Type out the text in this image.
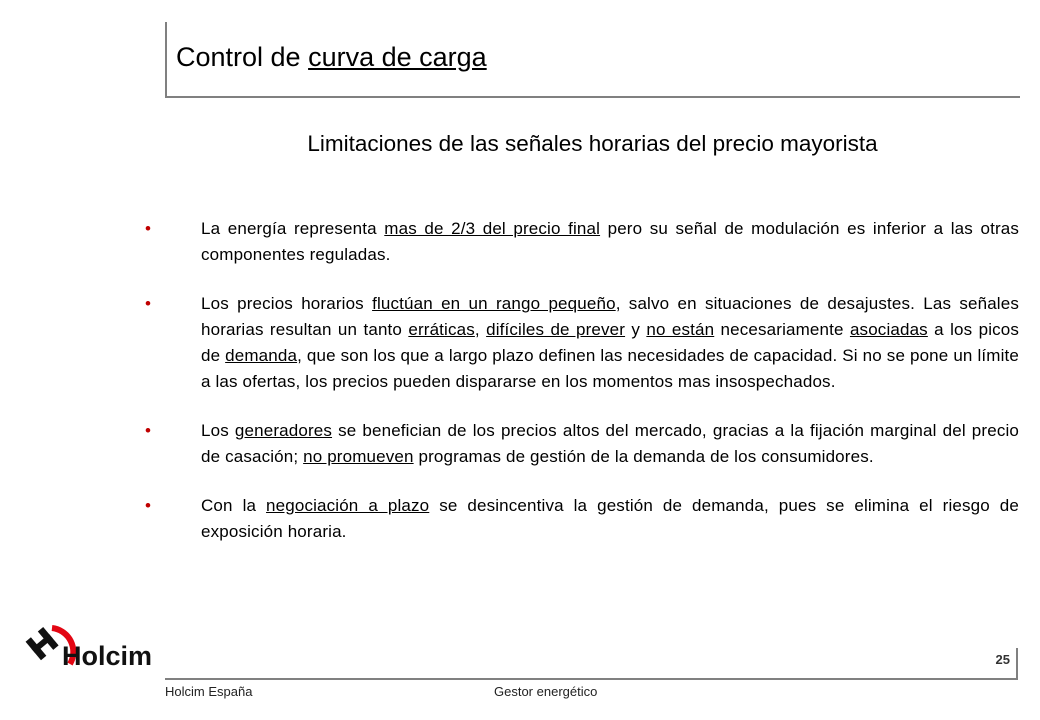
Control de curva de carga
Limitaciones de las señales horarias del precio mayorista
•	La energía representa mas de 2/3 del precio final pero su señal de modulación es inferior a las otras componentes reguladas.
•	Los precios horarios fluctúan en un rango pequeño, salvo en situaciones de desajustes. Las señales horarias resultan un tanto erráticas, difíciles de prever y no están necesariamente asociadas a los picos de demanda, que son los que a largo plazo definen las necesidades de capacidad. Si no se pone un límite a las ofertas, los precios pueden dispararse en los momentos mas insospechados.
•	Los generadores se benefician de los precios altos del mercado, gracias a la fijación marginal del precio de casación; no promueven programas de gestión de la demanda de los consumidores.
•	Con la negociación a plazo se desincentiva la gestión de demanda, pues se elimina el riesgo de exposición horaria.
Holcim	25
Holcim España	Gestor energético
